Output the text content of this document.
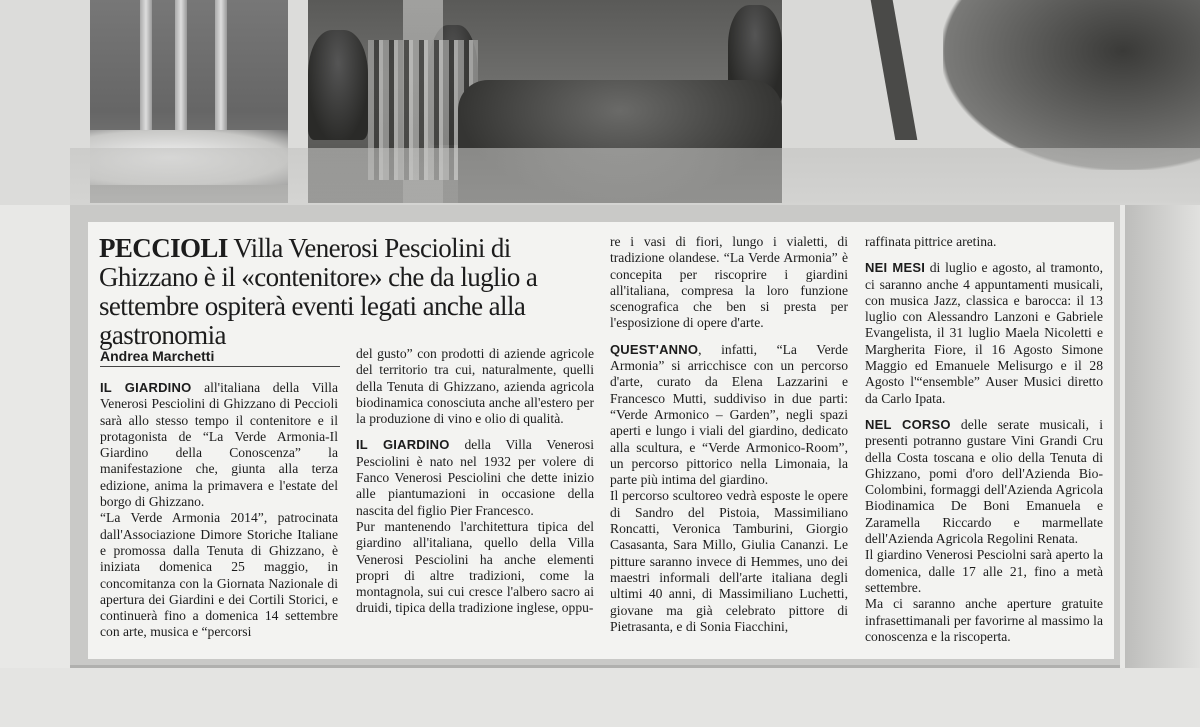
PECCIOLI Villa Venerosi Pesciolini di Ghizzano è il «contenitore» che da luglio a settembre ospiterà eventi legati anche alla gastronomia
Andrea Marchetti

IL GIARDINO all'italiana della Villa Venerosi Pesciolini di Ghizzano di Peccioli sarà allo stesso tempo il contenitore e il protagonista de “La Verde Armonia-Il Giardino della Conoscenza” la manifestazione che, giunta alla terza edizione, anima la primavera e l'estate del borgo di Ghizzano.

“La Verde Armonia 2014”, patrocinata dall'Associazione Dimore Storiche Italiane e promossa dalla Tenuta di Ghizzano, è iniziata domenica 25 maggio, in concomitanza con la Giornata Nazionale di apertura dei Giardini e dei Cortili Storici, e continuerà fino a domenica 14 settembre con arte, musica e “percorsi

del gusto” con prodotti di aziende agricole del territorio tra cui, naturalmente, quelli della Tenuta di Ghizzano, azienda agricola biodinamica conosciuta anche all'estero per la produzione di vino e olio di qualità.

IL GIARDINO della Villa Venerosi Pesciolini è nato nel 1932 per volere di Fanco Venerosi Pesciolini che dette inizio alle piantumazioni in occasione della nascita del figlio Pier Francesco.

Pur mantenendo l'architettura tipica del giardino all'italiana, quello della Villa Venerosi Pesciolini ha anche elementi propri di altre tradizioni, come la montagnola, sui cui cresce l'albero sacro ai druidi, tipica della tradizione inglese, oppu-

re i vasi di fiori, lungo i vialetti, di tradizione olandese. “La Verde Armonia” è concepita per riscoprire i giardini all'italiana, compresa la loro funzione scenografica che ben si presta per l'esposizione di opere d'arte.

QUEST'ANNO, infatti, “La Verde Armonia” si arricchisce con un percorso d'arte, curato da Elena Lazzarini e Francesco Mutti, suddiviso in due parti: “Verde Armonico – Garden”, negli spazi aperti e lungo i viali del giardino, dedicato alla scultura, e “Verde Armonico-Room”, un percorso pittorico nella Limonaia, la parte più intima del giardino.

Il percorso scultoreo vedrà esposte le opere di Sandro del Pistoia, Massimiliano Roncatti, Veronica Tamburini, Giorgio Casasanta, Sara Millo, Giulia Cananzi. Le pitture saranno invece di Hemmes, uno dei maestri informali dell'arte italiana degli ultimi 40 anni, di Massimiliano Luchetti, giovane ma già celebrato pittore di Pietrasanta, e di Sonia Fiacchini,

raffinata pittrice aretina.

NEI MESI di luglio e agosto, al tramonto, ci saranno anche 4 appuntamenti musicali, con musica Jazz, classica e barocca: il 13 luglio con Alessandro Lanzoni e Gabriele Evangelista, il 31 luglio Maela Nicoletti e Margherita Fiore, il 16 Agosto Simone Maggio ed Emanuele Melisurgo e il 28 Agosto l'“ensemble” Auser Musici diretto da Carlo Ipata.

NEL CORSO delle serate musicali, i presenti potranno gustare Vini Grandi Cru della Costa toscana e olio della Tenuta di Ghizzano, pomi d'oro dell'Azienda Bio-Colombini, formaggi dell'Azienda Agricola Biodinamica De Boni Emanuela e Zaramella Riccardo e marmellate dell'Azienda Agricola Regolini Renata.

Il giardino Venerosi Pesciolni sarà aperto la domenica, dalle 17 alle 21, fino a metà settembre.

Ma ci saranno anche aperture gratuite infrasettimanali per favorirne al massimo la conoscenza e la riscoperta.
